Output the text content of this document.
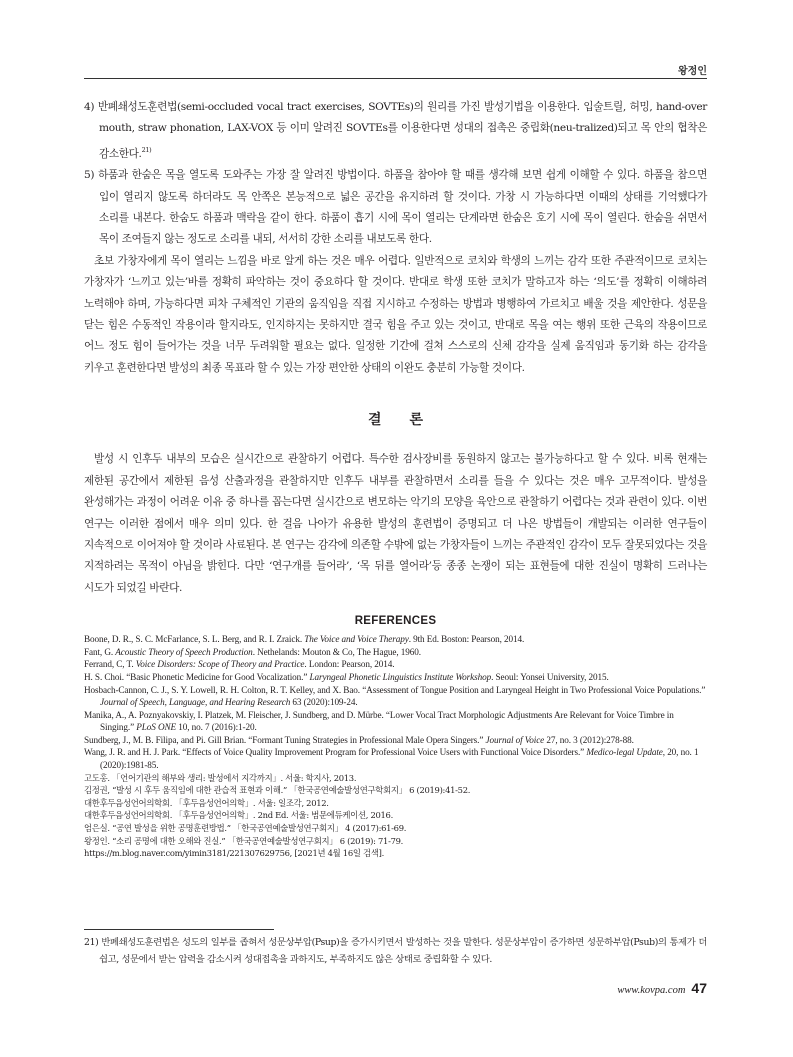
왕정인
4) 반폐쇄성도훈련법(semi-occluded vocal tract exercises, SOVTEs)의 원리를 가진 발성기법을 이용한다. 입술트릴, 허밍, hand-over mouth, straw phonation, LAX-VOX 등 이미 알려진 SOVTEs를 이용한다면 성대의 접촉은 중립화(neu-tralized)되고 목 안의 협착은 감소한다.$^{21)}$
5) 하품과 한숨은 목을 열도록 도와주는 가장 잘 알려진 방법이다. 하품을 참아야 할 때를 생각해 보면 쉽게 이해할 수 있다. 하품을 참으면 입이 열리지 않도록 하더라도 목 안쪽은 본능적으로 넓은 공간을 유지하려 할 것이다. 가창 시 가능하다면 이때의 상태를 기억했다가 소리를 내본다. 한숨도 하품과 맥락을 같이 한다. 하품이 흡기 시에 목이 열리는 단계라면 한숨은 호기 시에 목이 열린다. 한숨을 쉬면서 목이 조여들지 않는 정도로 소리를 내되, 서서히 강한 소리를 내보도록 한다.
초보 가창자에게 목이 열리는 느낌을 바로 알게 하는 것은 매우 어렵다. 일반적으로 코치와 학생의 느끼는 감각 또한 주관적이므로 코치는 가창자가 ‘느끼고 있는’바를 정확히 파악하는 것이 중요하다 할 것이다. 반대로 학생 또한 코치가 말하고자 하는 ‘의도’를 정확히 이해하려 노력해야 하며, 가능하다면 피차 구체적인 기관의 움직임을 직접 지시하고 수정하는 방법과 병행하여 가르치고 배울 것을 제안한다. 성문을 닫는 힘은 수동적인 작용이라 할지라도, 인지하지는 못하지만 결국 힘을 주고 있는 것이고, 반대로 목을 여는 행위 또한 근육의 작용이므로 어느 정도 힘이 들어가는 것을 너무 두려워할 필요는 없다. 일정한 기간에 걸쳐 스스로의 신체 감각을 실제 움직임과 동기화 하는 감각을 키우고 훈련한다면 발성의 최종 목표라 할 수 있는 가장 편안한 상태의 이완도 충분히 가능할 것이다.
결론
발성 시 인후두 내부의 모습은 실시간으로 관찰하기 어렵다. 특수한 검사장비를 동원하지 않고는 불가능하다고 할 수 있다. 비록 현재는 제한된 공간에서 제한된 음성 산출과정을 관찰하지만 인후두 내부를 관찰하면서 소리를 들을 수 있다는 것은 매우 고무적이다. 발성을 완성해가는 과정이 어려운 이유 중 하나를 꼽는다면 실시간으로 변모하는 악기의 모양을 육안으로 관찰하기 어렵다는 것과 관련이 있다. 이번 연구는 이러한 점에서 매우 의미 있다. 한 걸음 나아가 유용한 발성의 훈련법이 증명되고 더 나은 방법들이 개발되는 이러한 연구들이 지속적으로 이어져야 할 것이라 사료된다. 본 연구는 감각에 의존할 수밖에 없는 가창자들이 느끼는 주관적인 감각이 모두 잘못되었다는 것을 지적하려는 목적이 아님을 밝힌다. 다만 ‘연구개를 들어라’, ‘목 뒤를 열어라’등 종종 논쟁이 되는 표현들에 대한 진실이 명확히 드러나는 시도가 되었길 바란다.
REFERENCES
Boone, D. R., S. C. McFarlance, S. L. Berg, and R. I. Zraick. The Voice and Voice Therapy. 9th Ed. Boston: Pearson, 2014.
Fant, G. Acoustic Theory of Speech Production. Nethelands: Mouton & Co, The Hague, 1960.
Ferrand, C, T. Voice Disorders: Scope of Theory and Practice. London: Pearson, 2014.
H. S. Choi. “Basic Phonetic Medicine for Good Vocalization.” Laryngeal Phonetic Linguistics Institute Workshop. Seoul: Yonsei University, 2015.
Hosbach-Cannon, C. J., S. Y. Lowell, R. H. Colton, R. T. Kelley, and X. Bao. “Assessment of Tongue Position and Laryngeal Height in Two Professional Voice Populations.” Journal of Speech, Language, and Hearing Research 63 (2020):109-24.
Manika, A., A. Poznyakovskiy, I. Platzek, M. Fleischer, J. Sundberg, and D. Mürbe. “Lower Vocal Tract Morphologic Adjustments Are Relevant for Voice Timbre in Singing.” PLoS ONE 10, no. 7 (2016):1-20.
Sundberg, J., M. B. Filipa, and Pi. Gill Brian. “Formant Tuning Strategies in Professional Male Opera Singers.” Journal of Voice 27, no. 3 (2012):278-88.
Wang, J. R. and H. J. Park. “Effects of Voice Quality Improvement Program for Professional Voice Users with Functional Voice Disorders.” Medico-legal Update, 20, no. 1 (2020):1981-85.
고도홍. 「언어기관의 해부와 생리: 발성에서 지각까지」. 서울: 학지사, 2013.
김정권, “발성 시 후두 움직임에 대한 관습적 표현과 이해.” 「한국공연예술발성연구학회지」 6 (2019):41-52.
대한후두음성언어의학회. 「후두음성언어의학」. 서울: 일조각, 2012.
대한후두음성언어의학회. 「후두음성언어의학」. 2nd Ed. 서울: 범문에듀케이션, 2016.
엄은실. “공연 발성을 위한 공명훈련방법.” 「한국공연예술발성연구회지」 4 (2017):61-69.
왕정인. “소리 공명에 대한 오해와 진실.” 「한국공연예술발성연구회지」 6 (2019): 71-79.
https://m.blog.naver.com/yimin3181/221307629756, [2021년 4월 16일 검색].
21) 반폐쇄성도훈련법은 성도의 일부를 좁혀서 성문상부압(Psup)을 증가시키면서 발성하는 것을 말한다. 성문상부압이 증가하면 성문하부압(Psub)의 통제가 더 쉽고, 성문에서 받는 압력을 감소시켜 성대접촉을 과하지도, 부족하지도 않은 상태로 중립화할 수 있다.
www.kovpa.com 47
